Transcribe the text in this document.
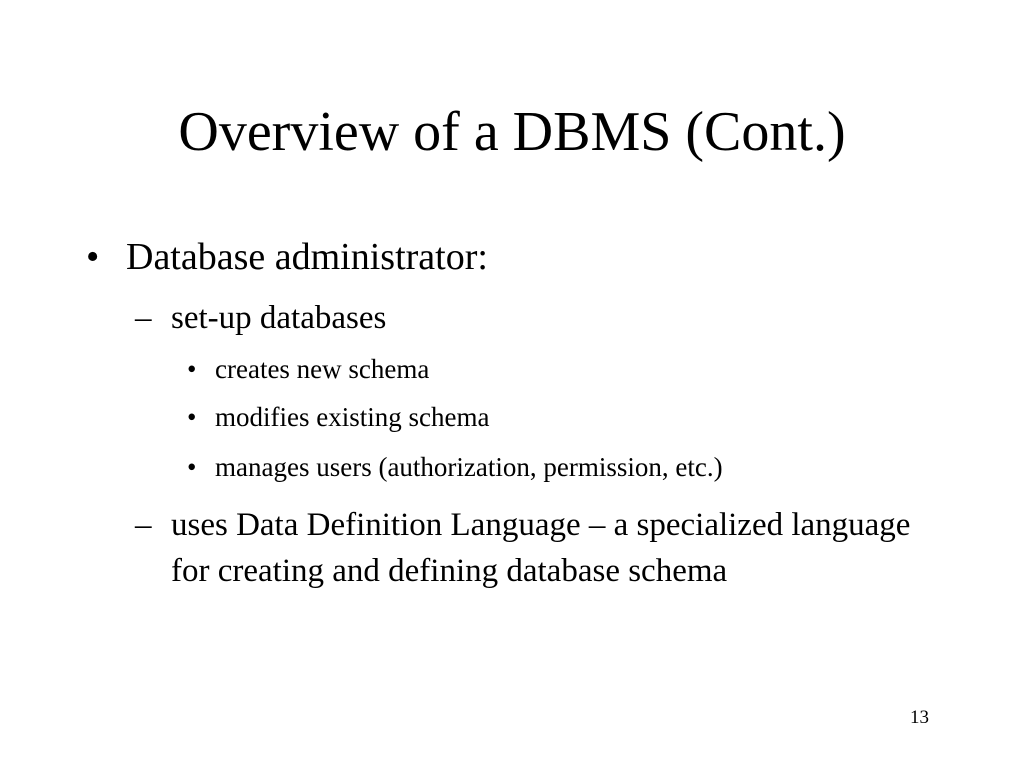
Overview of a DBMS (Cont.)
• Database administrator:
– set-up databases
• creates new schema
• modifies existing schema
• manages users (authorization, permission, etc.)
– uses Data Definition Language – a specialized language for creating and defining database schema
13
